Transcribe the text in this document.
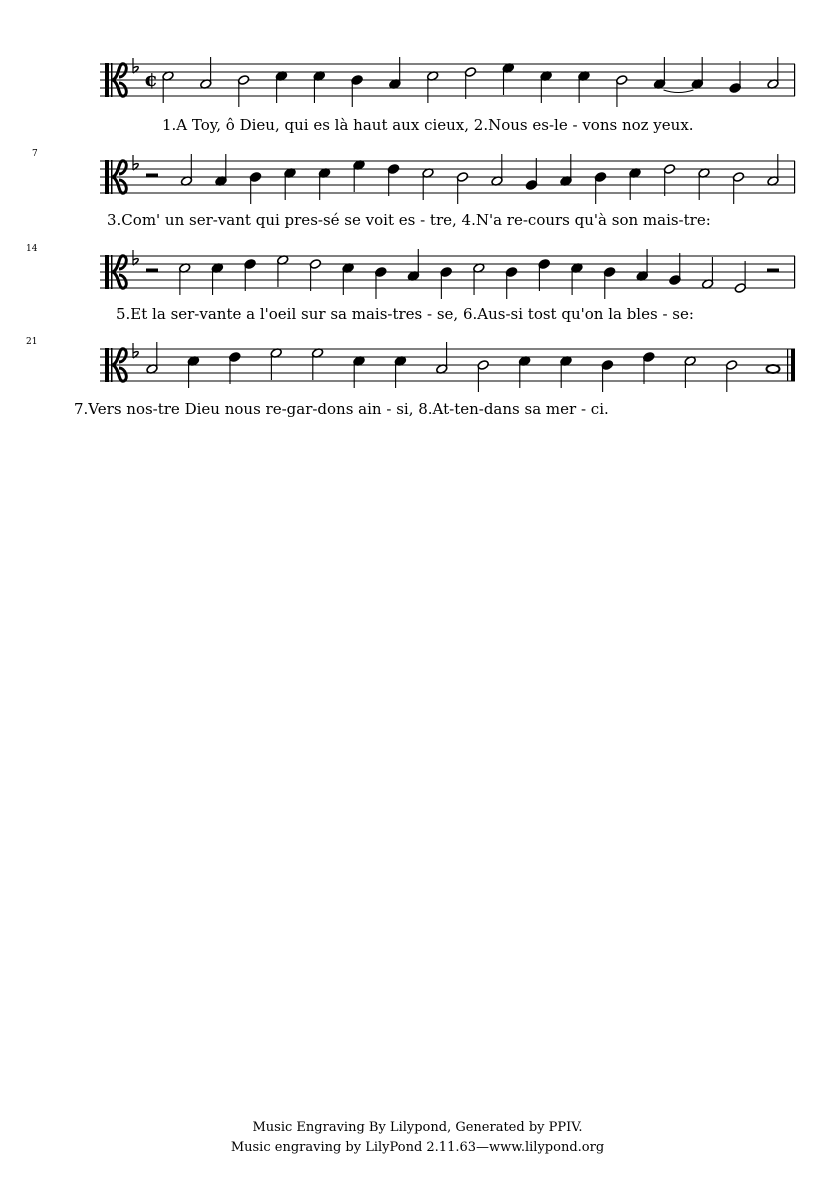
¢
1.A Toy, ô Dieu, qui es là haut aux cieux, 2.Nous es-le - vons noz yeux.
7
3.Com' un ser-vant qui pres-sé se voit es - tre, 4.N'a re-cours qu'à son mais-tre:
14
5.Et la ser-vante a l'oeil sur sa mais-tres - se, 6.Aus-si tost qu'on la bles - se:
21
7.Vers nos-tre Dieu nous re-gar-dons ain - si, 8.At-ten-dans sa mer - ci.
Music Engraving By Lilypond, Generated by PPIV.
Music engraving by LilyPond 2.11.63—www.lilypond.org
